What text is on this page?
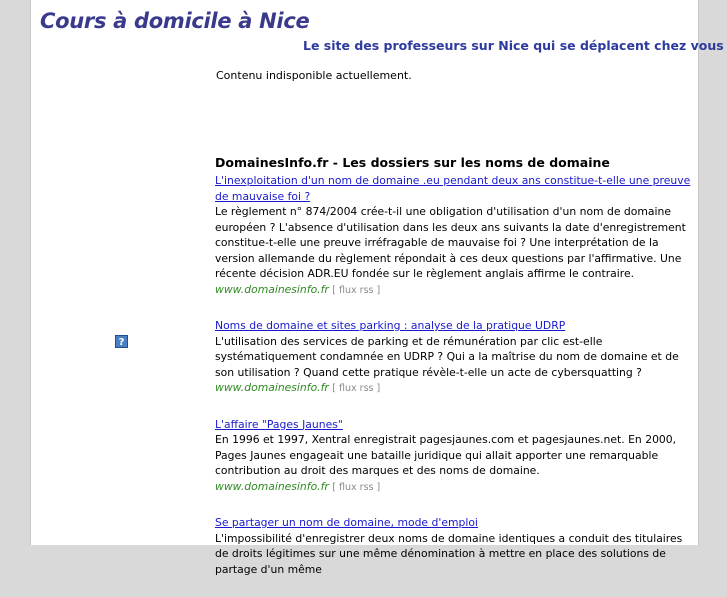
Cours à domicile à Nice
Le site des professeurs sur Nice qui se déplacent chez vous
Contenu indisponible actuellement.
?
DomainesInfo.fr - Les dossiers sur les noms de domaine
L'inexploitation d'un nom de domaine .eu pendant deux ans constitue-t-elle une preuve de mauvaise foi ?

Le règlement n° 874/2004 crée-t-il une obligation d'utilisation d'un nom de domaine européen ? L'absence d'utilisation dans les deux ans suivants la date d'enregistrement constitue-t-elle une preuve irréfragable de mauvaise foi ? Une interprétation de la version allemande du règlement répondait à ces deux questions par l'affirmative. Une récente décision ADR.EU fondée sur le règlement anglais affirme le contraire.

www.domainesinfo.fr [ flux rss ]
Noms de domaine et sites parking : analyse de la pratique UDRP

L'utilisation des services de parking et de rémunération par clic est-elle systématiquement condamnée en UDRP ? Qui a la maîtrise du nom de domaine et de son utilisation ? Quand cette pratique révèle-t-elle un acte de cybersquatting ?

www.domainesinfo.fr [ flux rss ]
L'affaire "Pages Jaunes"

En 1996 et 1997, Xentral enregistrait pagesjaunes.com et pagesjaunes.net. En 2000, Pages Jaunes engageait une bataille juridique qui allait apporter une remarquable contribution au droit des marques et des noms de domaine.

www.domainesinfo.fr [ flux rss ]
Se partager un nom de domaine, mode d'emploi

L'impossibilité d'enregistrer deux noms de domaine identiques a conduit des titulaires de droits légitimes sur une même dénomination à mettre en place des solutions de partage d'un même
